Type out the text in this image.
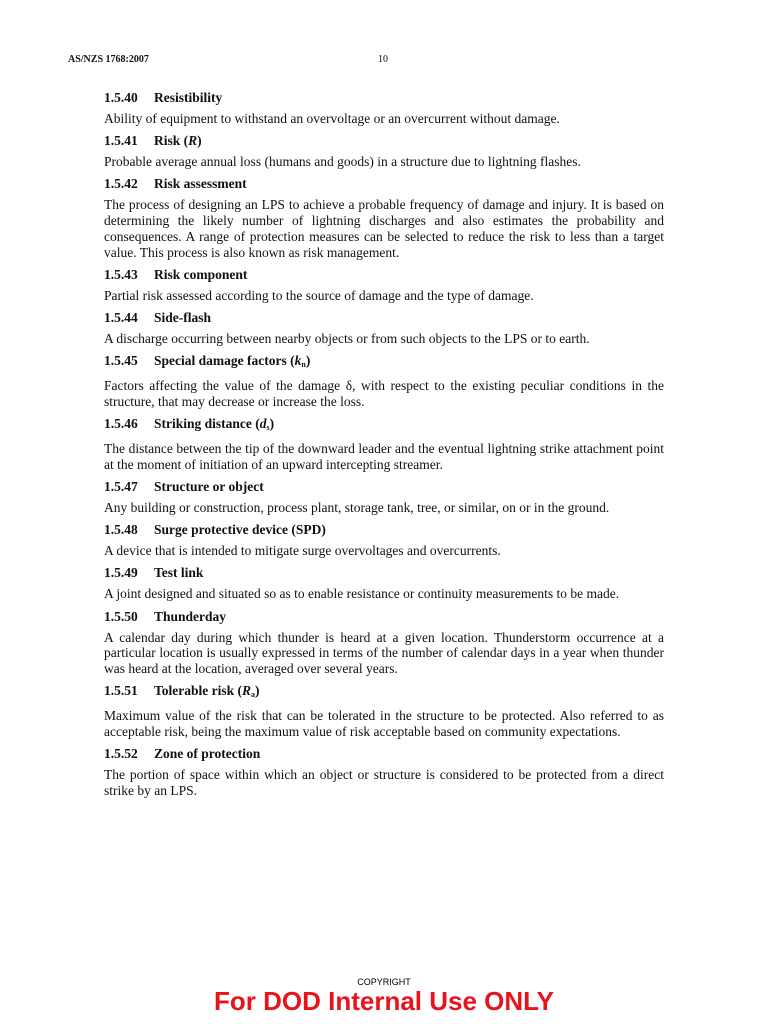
AS/NZS 1768:2007	10
1.5.40 Resistibility

Ability of equipment to withstand an overvoltage or an overcurrent without damage.

1.5.41 Risk (R)

Probable average annual loss (humans and goods) in a structure due to lightning flashes.

1.5.42 Risk assessment

The process of designing an LPS to achieve a probable frequency of damage and injury. It is based on determining the likely number of lightning discharges and also estimates the probability and consequences. A range of protection measures can be selected to reduce the risk to less than a target value. This process is also known as risk management.

1.5.43 Risk component

Partial risk assessed according to the source of damage and the type of damage.

1.5.44 Side-flash

A discharge occurring between nearby objects or from such objects to the LPS or to earth.

1.5.45 Special damage factors $(k_n)$

Factors affecting the value of the damage δ, with respect to the existing peculiar conditions in the structure, that may decrease or increase the loss.

1.5.46 Striking distance $(d_s)$

The distance between the tip of the downward leader and the eventual lightning strike attachment point at the moment of initiation of an upward intercepting streamer.

1.5.47 Structure or object

Any building or construction, process plant, storage tank, tree, or similar, on or in the ground.

1.5.48 Surge protective device (SPD)

A device that is intended to mitigate surge overvoltages and overcurrents.

1.5.49 Test link

A joint designed and situated so as to enable resistance or continuity measurements to be made.

1.5.50 Thunderday

A calendar day during which thunder is heard at a given location. Thunderstorm occurrence at a particular location is usually expressed in terms of the number of calendar days in a year when thunder was heard at the location, averaged over several years.

1.5.51 Tolerable risk $(R_a)$

Maximum value of the risk that can be tolerated in the structure to be protected. Also referred to as acceptable risk, being the maximum value of risk acceptable based on community expectations.

1.5.52 Zone of protection

The portion of space within which an object or structure is considered to be protected from a direct strike by an LPS.

COPYRIGHT
For DOD Internal Use ONLY
